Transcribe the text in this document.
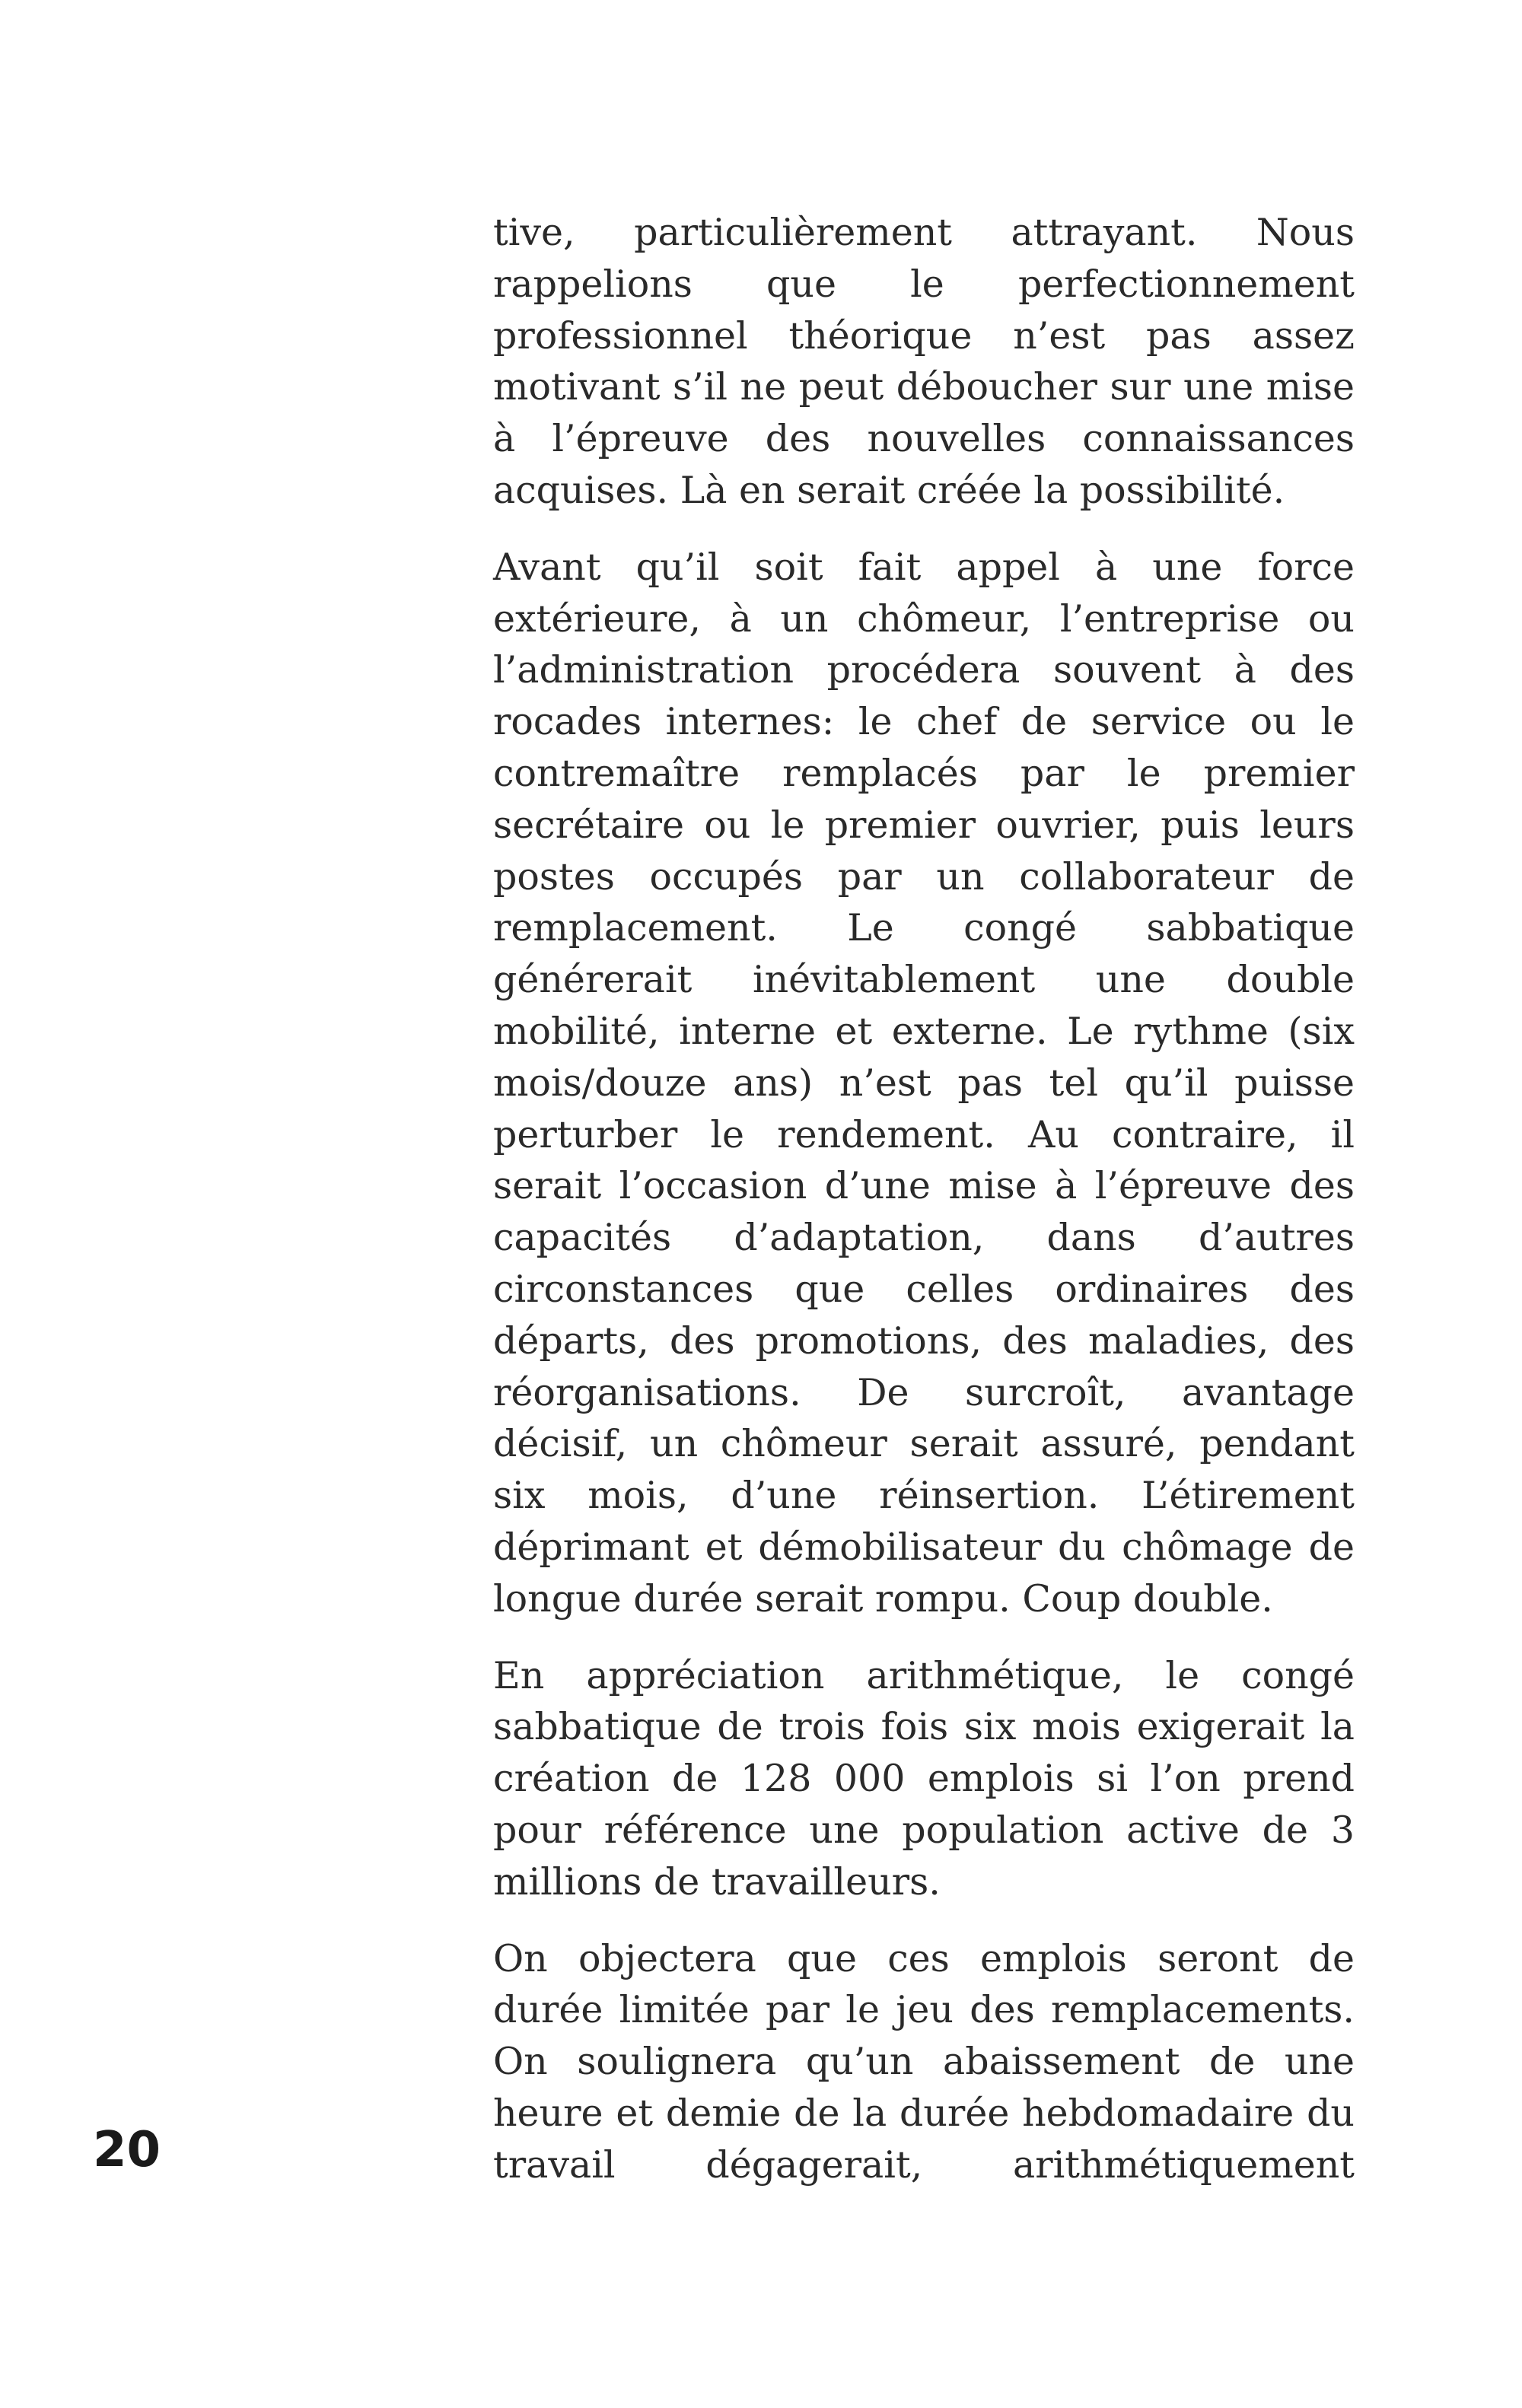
tive, particulièrement attrayant. Nous rappelions que le perfectionnement professionnel théorique n’est pas assez motivant s’il ne peut déboucher sur une mise à l’épreuve des nouvelles connaissances acquises. Là en serait créée la possibilité.

Avant qu’il soit fait appel à une force extérieure, à un chômeur, l’entreprise ou l’administration procédera souvent à des rocades internes: le chef de service ou le contremaître remplacés par le premier secrétaire ou le premier ouvrier, puis leurs postes occupés par un collaborateur de remplacement. Le congé sabbatique générerait inévitablement une double mobilité, interne et externe. Le rythme (six mois/douze ans) n’est pas tel qu’il puisse perturber le rendement. Au contraire, il serait l’occasion d’une mise à l’épreuve des capacités d’adaptation, dans d’autres circonstances que celles ordinaires des départs, des promotions, des maladies, des réorganisations. De surcroît, avantage décisif, un chômeur serait assuré, pendant six mois, d’une réinsertion. L’étirement déprimant et démobilisateur du chômage de longue durée serait rompu. Coup double.

En appréciation arithmétique, le congé sabbatique de trois fois six mois exigerait la création de 128 000 emplois si l’on prend pour référence une population active de 3 millions de travailleurs.

On objectera que ces emplois seront de durée limitée par le jeu des remplacements. On soulignera qu’un abaissement de une heure et demie de la durée hebdomadaire du travail dégagerait, arithmétiquement

20
